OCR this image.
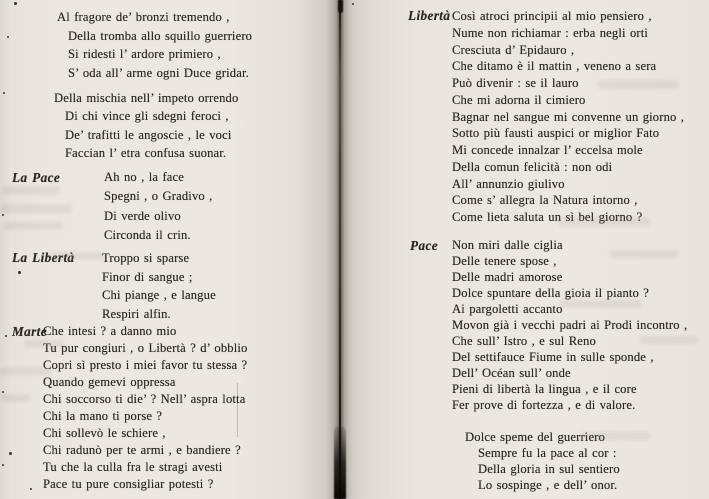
Al fragore de’ bronzi tremendo ,
Della tromba allo squillo guerriero
Si ridesti l’ ardore primiero ,
S’ oda all’ arme ogni Duce gridar.
Della mischia nell’ impeto orrendo
Di chi vince gli sdegni feroci ,
De’ trafitti le angoscie , le voci
Faccian l’ etra confusa suonar.
La Pace	Ah no , la face
Spegni , o Gradivo ,
Di verde olivo
Circonda il crin.
La Libertà Troppo si sparse
Finor di sangue ;
Chi piange , e langue
Respiri alfin.
Marte
Che intesi ? a danno mio
Tu pur congiuri , o Libertà ? d’ obblio
Copri sì presto i miei favor tu stessa ?
Quando gemevi oppressa
Chi soccorso ti die’ ? Nell’ aspra lotta
Chi la mano ti porse ?
Chi sollevò le schiere ,
Chi radunò per te armi , e bandiere ?
Tu che la culla fra le stragi avesti
Pace tu pure consigliar potesti ?
Libertà Così atroci principii al mio pensiero ,
Nume non richiamar : erba negli orti
Cresciuta d’ Epidauro ,
Che ditamo è il mattin , veneno a sera
Può divenir : se il lauro
Che mi adorna il cimiero
Bagnar nel sangue mi convenne un giorno ,
Sotto più fausti auspici or miglior Fato
Mi concede innalzar l’ eccelsa mole
Della comun felicità : non odi
All’ annunzio giulivo
Come s’ allegra la Natura intorno ,
Come lieta saluta un sì bel giorno ?
Pace Non miri dalle ciglia
Delle tenere spose ,
Delle madri amorose
Dolce spuntare della gioia il pianto ?
Ai pargoletti accanto
Movon già i vecchi padri ai Prodi incontro ,
Che sull’ Istro , e sul Reno
Del settifauce Fiume in sulle sponde ,
Dell’ Océan sull’ onde
Pieni di libertà la lingua , e il core
Fer prove di fortezza , e di valore.
Dolce speme del guerriero
Sempre fu la pace al cor :
Della gloria in sul sentiero
Lo sospinge , e dell’ onor.
